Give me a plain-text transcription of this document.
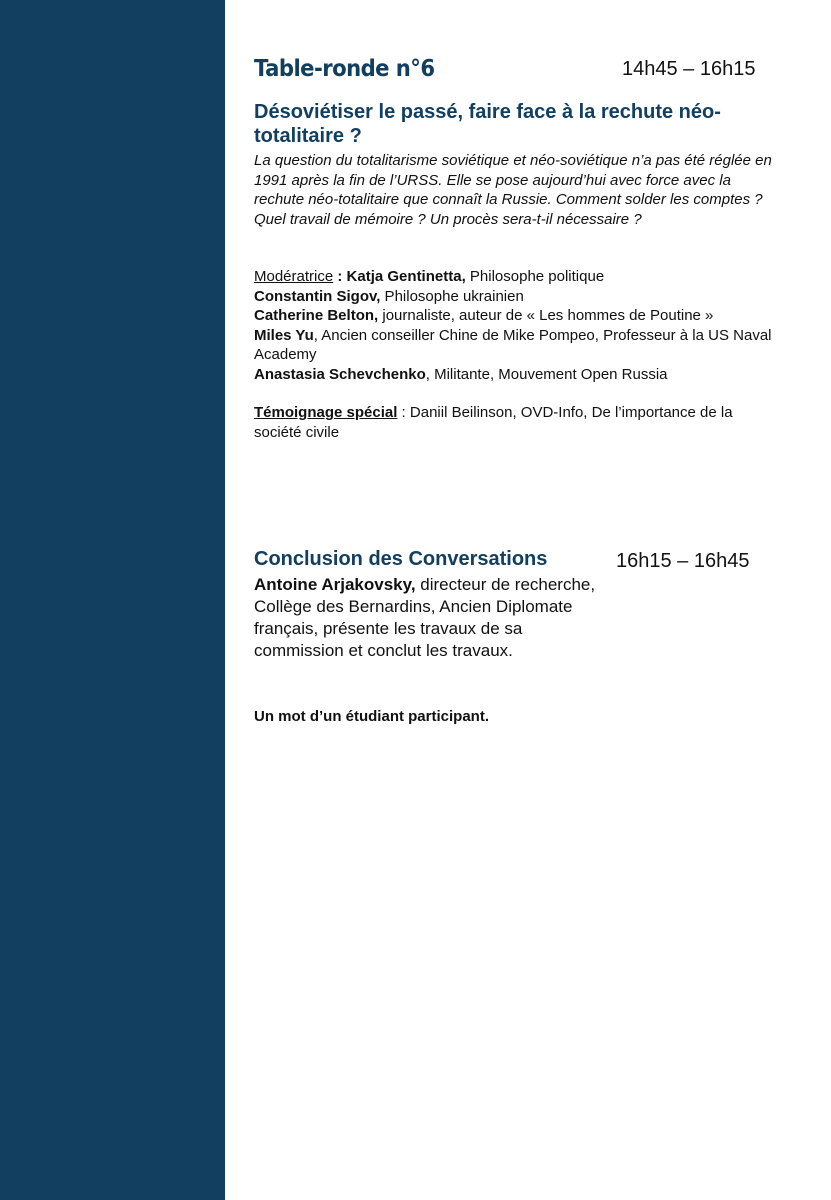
Table-ronde n°6	14h45 – 16h15
Désoviétiser le passé, faire face à la rechute néo-totalitaire ?
La question du totalitarisme soviétique et néo-soviétique n’a pas été réglée en 1991 après la fin de l’URSS. Elle se pose aujourd’hui avec force avec la rechute néo-totalitaire que connaît la Russie. Comment solder les comptes ? Quel travail de mémoire ? Un procès sera-t-il nécessaire ?
Modératrice : Katja Gentinetta, Philosophe politique
Constantin Sigov, Philosophe ukrainien
Catherine Belton, journaliste, auteur de « Les hommes de Poutine »
Miles Yu, Ancien conseiller Chine de Mike Pompeo, Professeur à la US Naval Academy
Anastasia Schevchenko, Militante, Mouvement Open Russia
Témoignage spécial : Daniil Beilinson, OVD-Info, De l’importance de la société civile
Conclusion des Conversations	16h15 – 16h45
Antoine Arjakovsky, directeur de recherche, Collège des Bernardins, Ancien Diplomate français, présente les travaux de sa commission et conclut les travaux.
Un mot d’un étudiant participant.
